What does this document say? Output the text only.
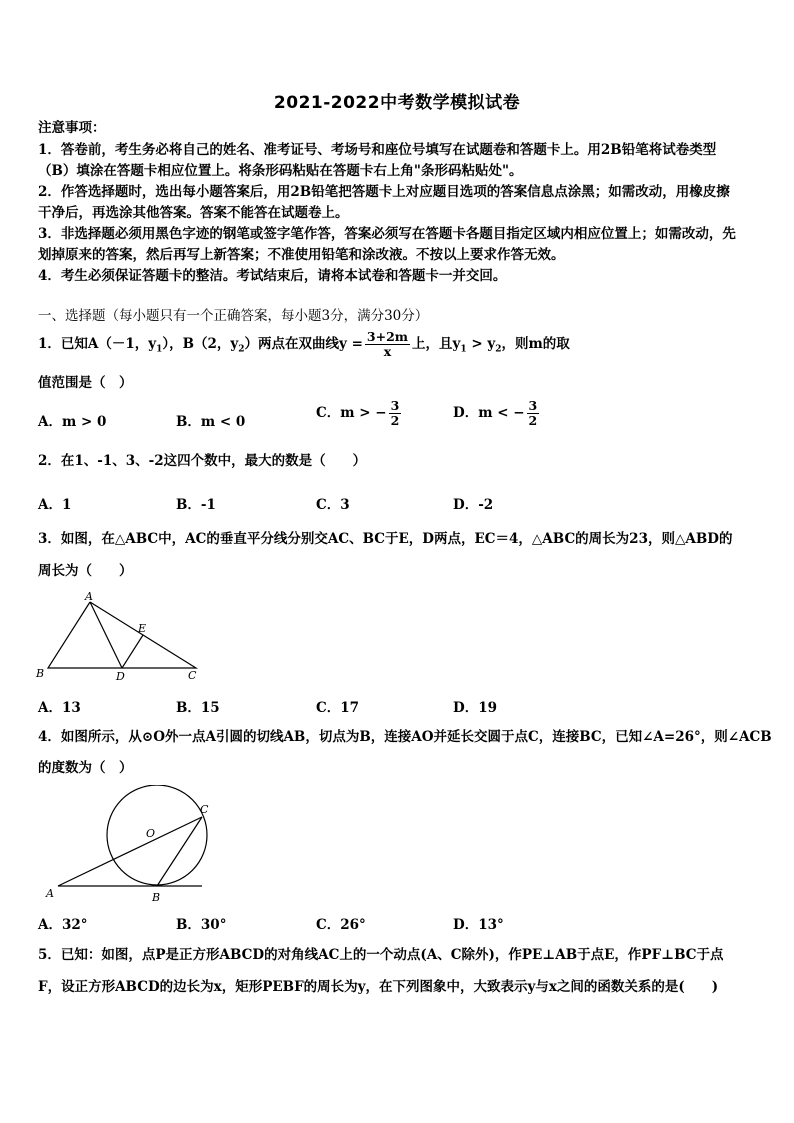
2021-2022中考数学模拟试卷
注意事项：
1．答卷前，考生务必将自己的姓名、准考证号、考场号和座位号填写在试题卷和答题卡上。用2B铅笔将试卷类型
（B）填涂在答题卡相应位置上。将条形码粘贴在答题卡右上角"条形码粘贴处"。
2．作答选择题时，选出每小题答案后，用2B铅笔把答题卡上对应题目选项的答案信息点涂黑；如需改动，用橡皮擦
干净后，再选涂其他答案。答案不能答在试题卷上。
3．非选择题必须用黑色字迹的钢笔或签字笔作答，答案必须写在答题卡各题目指定区域内相应位置上；如需改动，先
划掉原来的答案，然后再写上新答案；不准使用铅笔和涂改液。不按以上要求作答无效。
4．考生必须保证答题卡的整洁。考试结束后，请将本试卷和答题卡一并交回。
一、选择题（每小题只有一个正确答案，每小题3分，满分30分）
1．已知A（－1，$y_1$），B（2，$y_2$）两点在双曲线$y = \frac{3+2m}{x}$ 上，且$y_1 > y_2$，则m的取
值范围是（　）
A．m > 0	B．m < 0
C．m > − $\frac{3}{2}$	D．m < − $\frac{3}{2}$
2．在1、-1、3、-2这四个数中，最大的数是（　　）
A．1	B．-1	C．3	D．-2
3．如图，在△ABC中，AC的垂直平分线分别交AC、BC于E，D两点，EC＝4，△ABC的周长为23，则△ABD的
周长为（　　）
A
E
B	D	C
A．13	B．15	C．17	D．19
4．如图所示，从⊙O外一点A引圆的切线AB，切点为B，连接AO并延长交圆于点C，连接BC，已知∠A=26°，则∠ACB
的度数为（　）
C
O
A	B
A．32°	B．30°	C．26°	D．13°
5．已知：如图，点P是正方形ABCD的对角线AC上的一个动点(A、C除外)，作PE⊥AB于点E，作PF⊥BC于点
F，设正方形ABCD的边长为x，矩形PEBF的周长为y，在下列图象中，大致表示y与x之间的函数关系的是(　　)
